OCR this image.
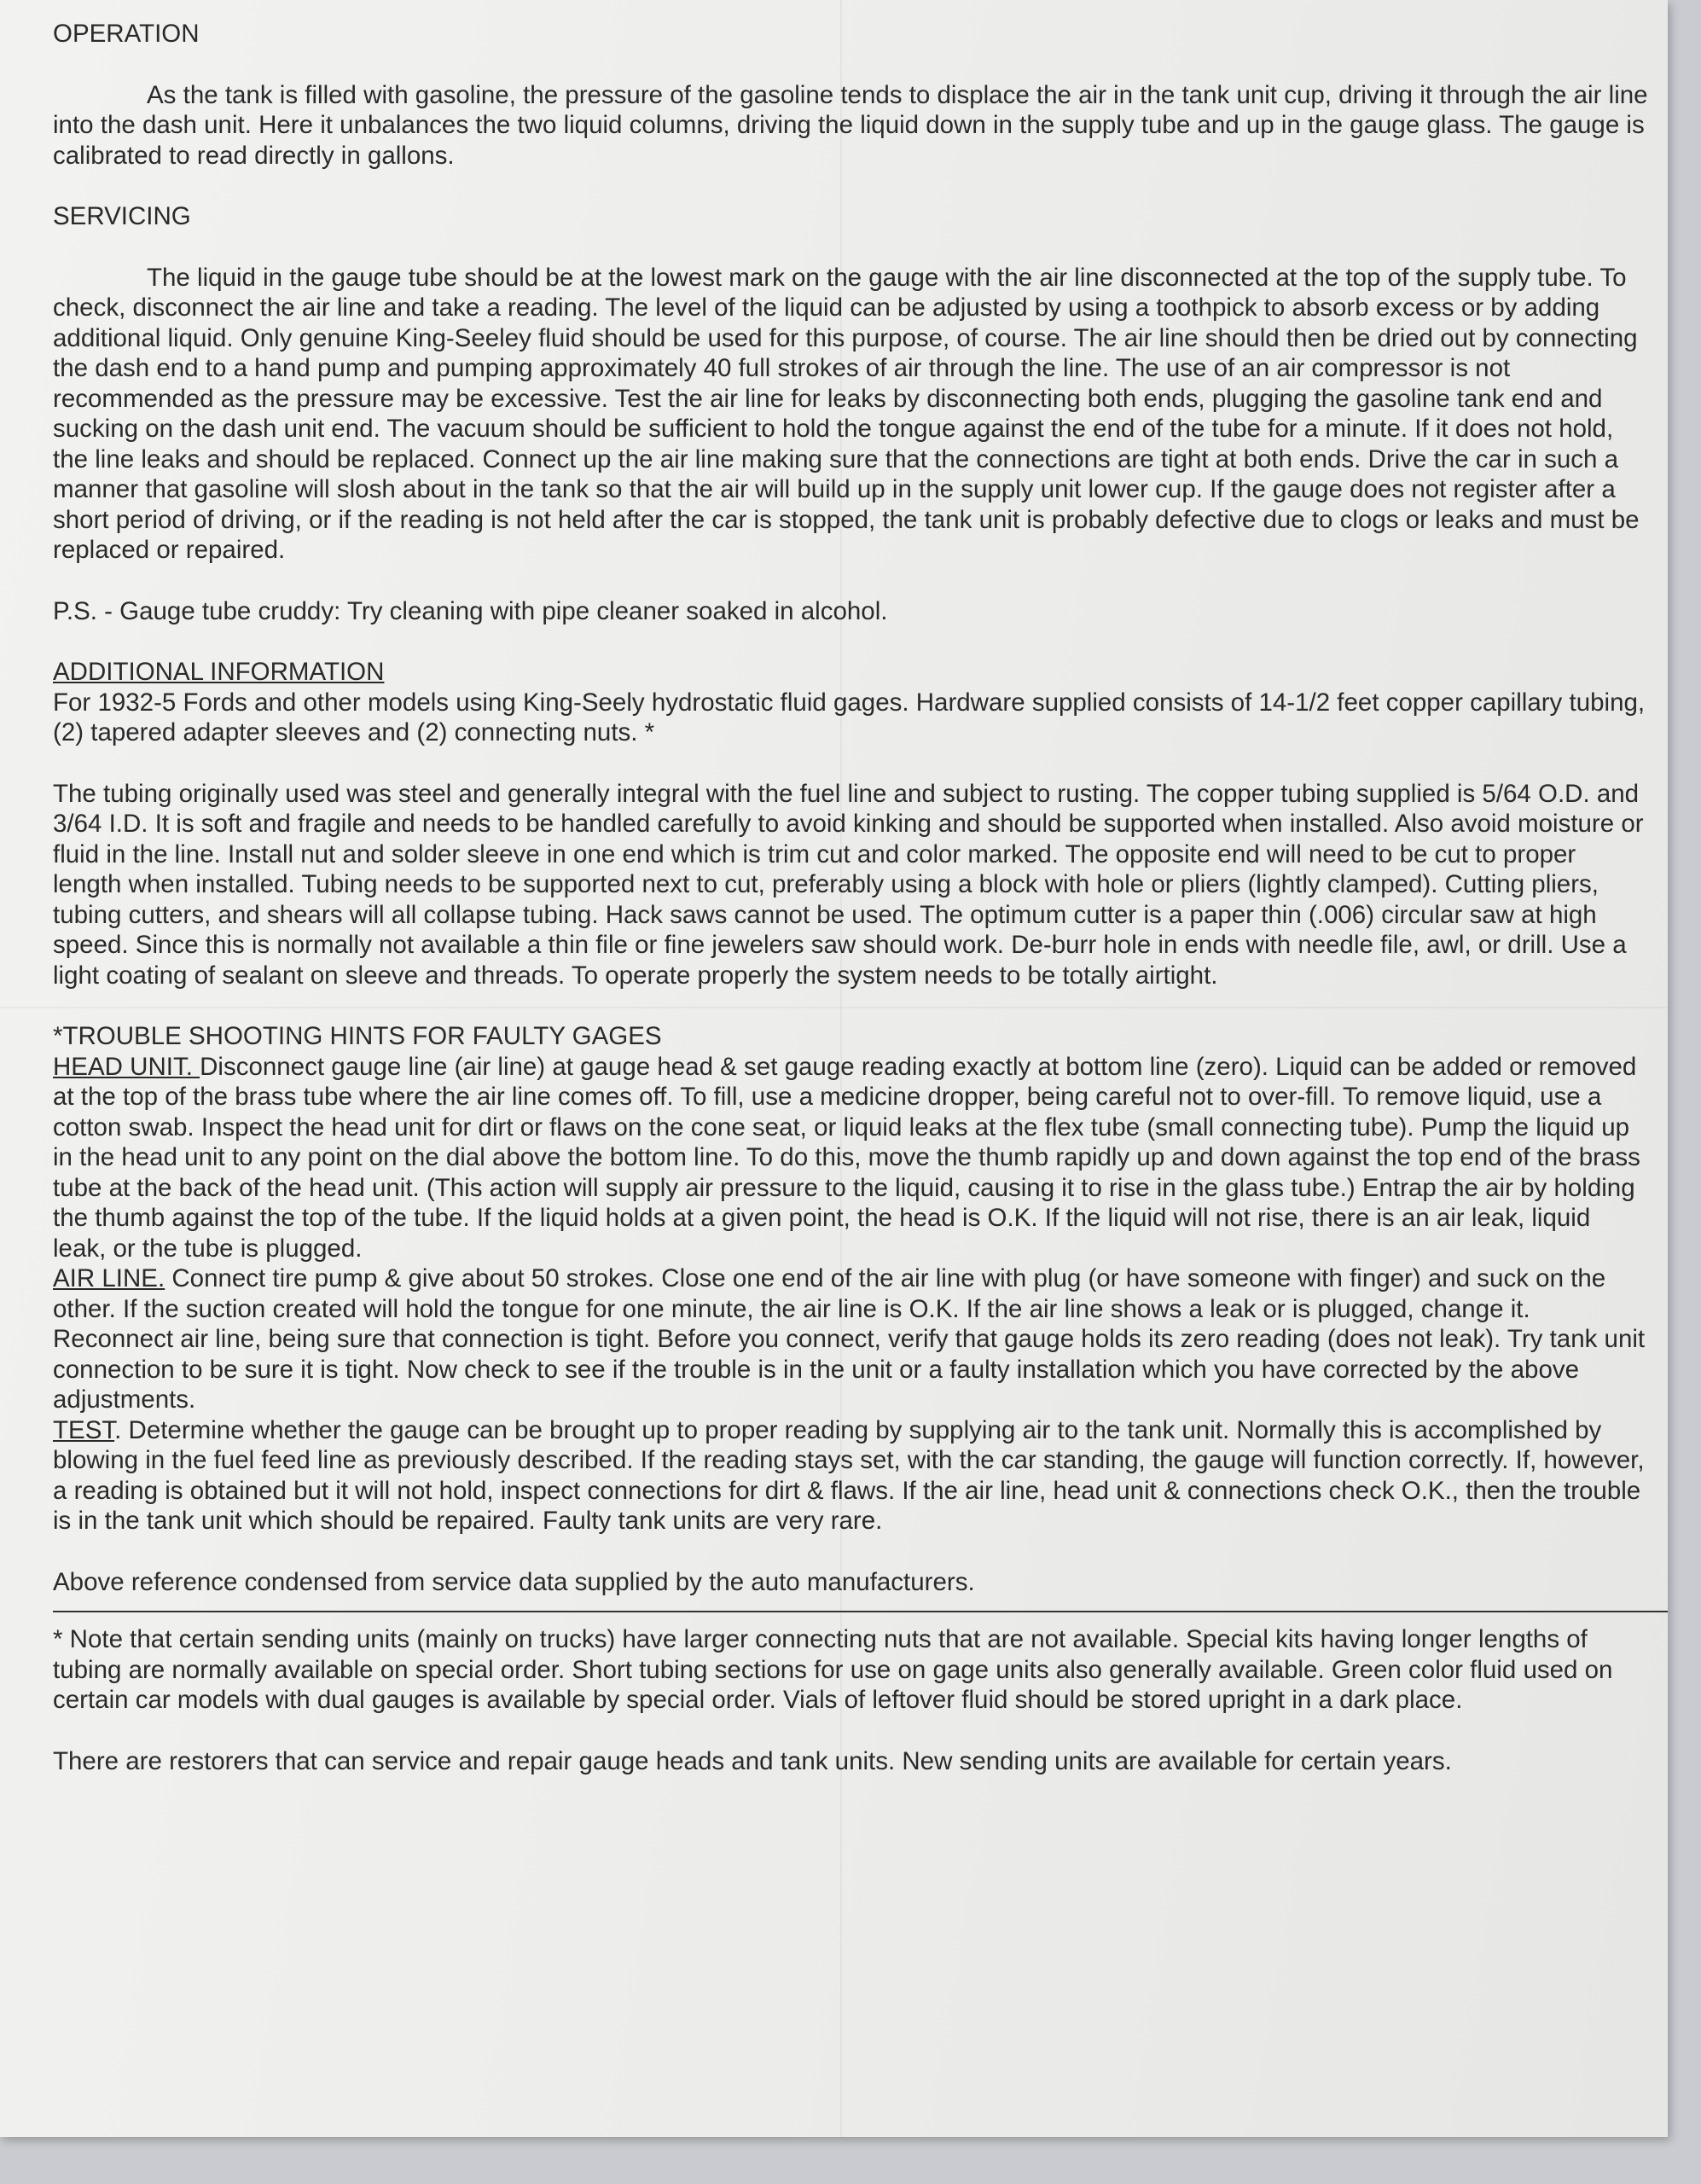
OPERATION

As the tank is filled with gasoline, the pressure of the gasoline tends to displace the air in the tank unit cup, driving it through the air line into the dash unit. Here it unbalances the two liquid columns, driving the liquid down in the supply tube and up in the gauge glass. The gauge is calibrated to read directly in gallons.

SERVICING

The liquid in the gauge tube should be at the lowest mark on the gauge with the air line disconnected at the top of the supply tube. To check, disconnect the air line and take a reading. The level of the liquid can be adjusted by using a toothpick to absorb excess or by adding additional liquid. Only genuine King-Seeley fluid should be used for this purpose, of course. The air line should then be dried out by connecting the dash end to a hand pump and pumping approximately 40 full strokes of air through the line. The use of an air compressor is not recommended as the pressure may be excessive. Test the air line for leaks by disconnecting both ends, plugging the gasoline tank end and sucking on the dash unit end. The vacuum should be sufficient to hold the tongue against the end of the tube for a minute. If it does not hold, the line leaks and should be replaced. Connect up the air line making sure that the connections are tight at both ends. Drive the car in such a manner that gasoline will slosh about in the tank so that the air will build up in the supply unit lower cup. If the gauge does not register after a short period of driving, or if the reading is not held after the car is stopped, the tank unit is probably defective due to clogs or leaks and must be replaced or repaired.

P.S. - Gauge tube cruddy: Try cleaning with pipe cleaner soaked in alcohol.

ADDITIONAL INFORMATION

For 1932-5 Fords and other models using King-Seely hydrostatic fluid gages. Hardware supplied consists of 14-1/2 feet copper capillary tubing, (2) tapered adapter sleeves and (2) connecting nuts. *

The tubing originally used was steel and generally integral with the fuel line and subject to rusting. The copper tubing supplied is 5/64 O.D. and 3/64 I.D. It is soft and fragile and needs to be handled carefully to avoid kinking and should be supported when installed. Also avoid moisture or fluid in the line. Install nut and solder sleeve in one end which is trim cut and color marked. The opposite end will need to be cut to proper length when installed. Tubing needs to be supported next to cut, preferably using a block with hole or pliers (lightly clamped). Cutting pliers, tubing cutters, and shears will all collapse tubing. Hack saws cannot be used. The optimum cutter is a paper thin (.006) circular saw at high speed. Since this is normally not available a thin file or fine jewelers saw should work. De-burr hole in ends with needle file, awl, or drill. Use a light coating of sealant on sleeve and threads. To operate properly the system needs to be totally airtight.

*TROUBLE SHOOTING HINTS FOR FAULTY GAGES

HEAD UNIT. Disconnect gauge line (air line) at gauge head & set gauge reading exactly at bottom line (zero). Liquid can be added or removed at the top of the brass tube where the air line comes off. To fill, use a medicine dropper, being careful not to over-fill. To remove liquid, use a cotton swab. Inspect the head unit for dirt or flaws on the cone seat, or liquid leaks at the flex tube (small connecting tube). Pump the liquid up in the head unit to any point on the dial above the bottom line. To do this, move the thumb rapidly up and down against the top end of the brass tube at the back of the head unit. (This action will supply air pressure to the liquid, causing it to rise in the glass tube.) Entrap the air by holding the thumb against the top of the tube. If the liquid holds at a given point, the head is O.K. If the liquid will not rise, there is an air leak, liquid leak, or the tube is plugged.

AIR LINE. Connect tire pump & give about 50 strokes. Close one end of the air line with plug (or have someone with finger) and suck on the other. If the suction created will hold the tongue for one minute, the air line is O.K. If the air line shows a leak or is plugged, change it. Reconnect air line, being sure that connection is tight. Before you connect, verify that gauge holds its zero reading (does not leak). Try tank unit connection to be sure it is tight. Now check to see if the trouble is in the unit or a faulty installation which you have corrected by the above adjustments.

TEST. Determine whether the gauge can be brought up to proper reading by supplying air to the tank unit. Normally this is accomplished by blowing in the fuel feed line as previously described. If the reading stays set, with the car standing, the gauge will function correctly. If, however, a reading is obtained but it will not hold, inspect connections for dirt & flaws. If the air line, head unit & connections check O.K., then the trouble is in the tank unit which should be repaired. Faulty tank units are very rare.

Above reference condensed from service data supplied by the auto manufacturers.

* Note that certain sending units (mainly on trucks) have larger connecting nuts that are not available. Special kits having longer lengths of tubing are normally available on special order. Short tubing sections for use on gage units also generally available. Green color fluid used on certain car models with dual gauges is available by special order. Vials of leftover fluid should be stored upright in a dark place.

There are restorers that can service and repair gauge heads and tank units. New sending units are available for certain years.
